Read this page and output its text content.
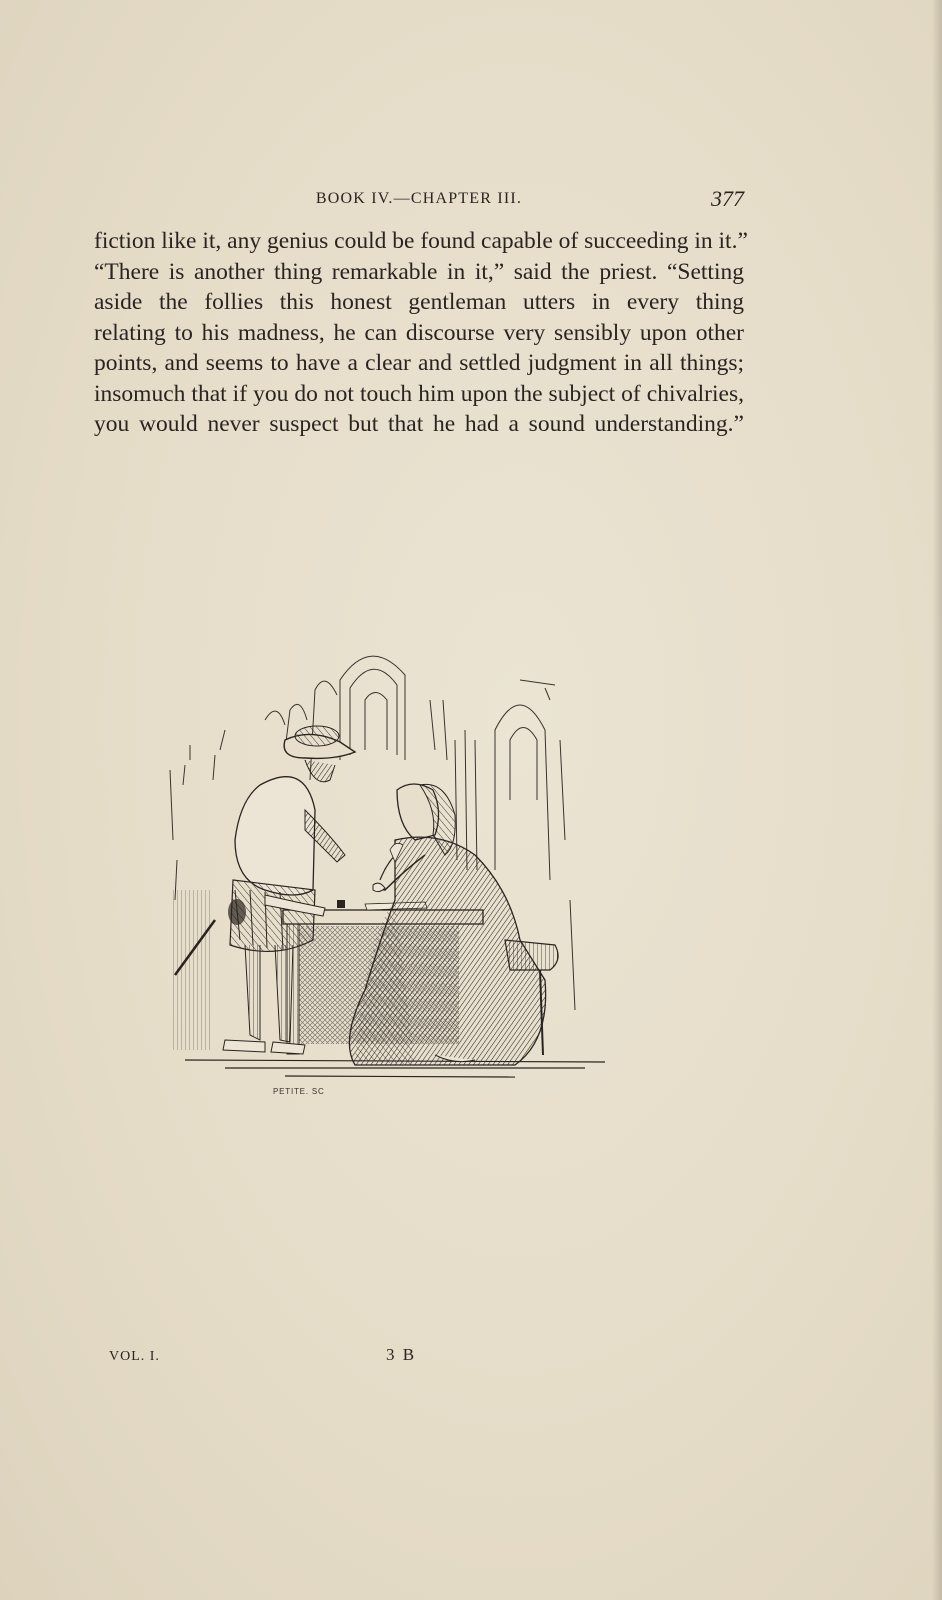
BOOK IV.—CHAPTER III.	377
fiction like it, any genius could be found capable of succeeding in it.”
“There is another thing remarkable in it,” said the priest. “Setting
aside the follies this honest gentleman utters in every thing
relating to his madness, he can discourse very sensibly upon other
points, and seems to have a clear and settled judgment in all things;
insomuch that if you do not touch him upon the subject of chivalries,
you would never suspect but that he had a sound understanding.”
PETITE. SC
VOL. I.	3 B
